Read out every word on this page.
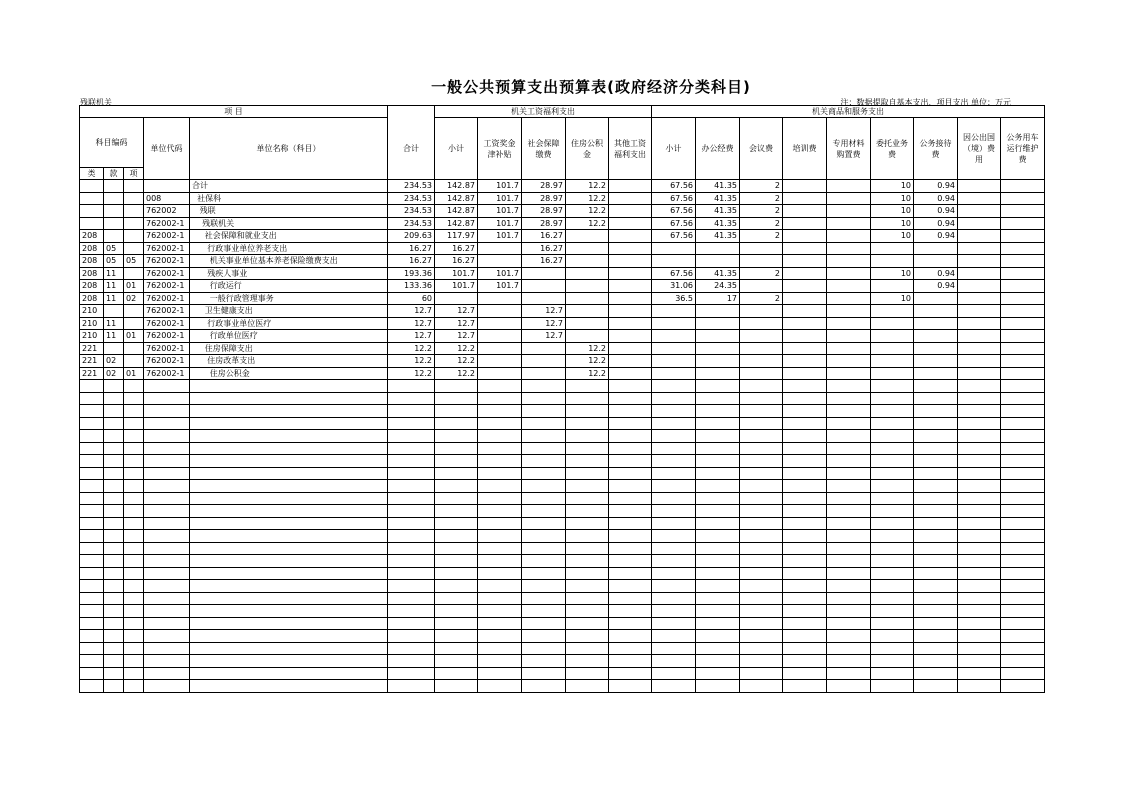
一般公共预算支出预算表(政府经济分类科目)
残联机关	注：数据提取自基本支出、项目支出 单位：万元
项 目						机关工资福利支出					机关商品和服务支出								
科目编码			单位代码	单位名称（科目）	合计	小计	工资奖金津补贴	社会保障缴费	住房公积金	其他工资福利支出	小计	办公经费	会议费	培训费	专用材料购置费	委托业务费	公务接待费	因公出国（境）费用	公务用车运行维护费
类	款	项																	
				合计	234.53	142.87	101.7	28.97	12.2		67.56	41.35	2			10	0.94		
			008	社保科	234.53	142.87	101.7	28.97	12.2		67.56	41.35	2			10	0.94		
			762002	残联	234.53	142.87	101.7	28.97	12.2		67.56	41.35	2			10	0.94		
			762002-1	残联机关	234.53	142.87	101.7	28.97	12.2		67.56	41.35	2			10	0.94		
208			762002-1	社会保障和就业支出	209.63	117.97	101.7	16.27			67.56	41.35	2			10	0.94		
208	05		762002-1	行政事业单位养老支出	16.27	16.27		16.27											
208	05	05	762002-1	机关事业单位基本养老保险缴费支出	16.27	16.27		16.27											
208	11		762002-1	残疾人事业	193.36	101.7	101.7				67.56	41.35	2			10	0.94		
208	11	01	762002-1	行政运行	133.36	101.7	101.7				31.06	24.35					0.94		
208	11	02	762002-1	一般行政管理事务	60						36.5	17	2			10			
210			762002-1	卫生健康支出	12.7	12.7		12.7											
210	11		762002-1	行政事业单位医疗	12.7	12.7		12.7											
210	11	01	762002-1	行政单位医疗	12.7	12.7		12.7											
221			762002-1	住房保障支出	12.2	12.2			12.2										
221	02		762002-1	住房改革支出	12.2	12.2			12.2										
221	02	01	762002-1	住房公积金	12.2	12.2			12.2										
